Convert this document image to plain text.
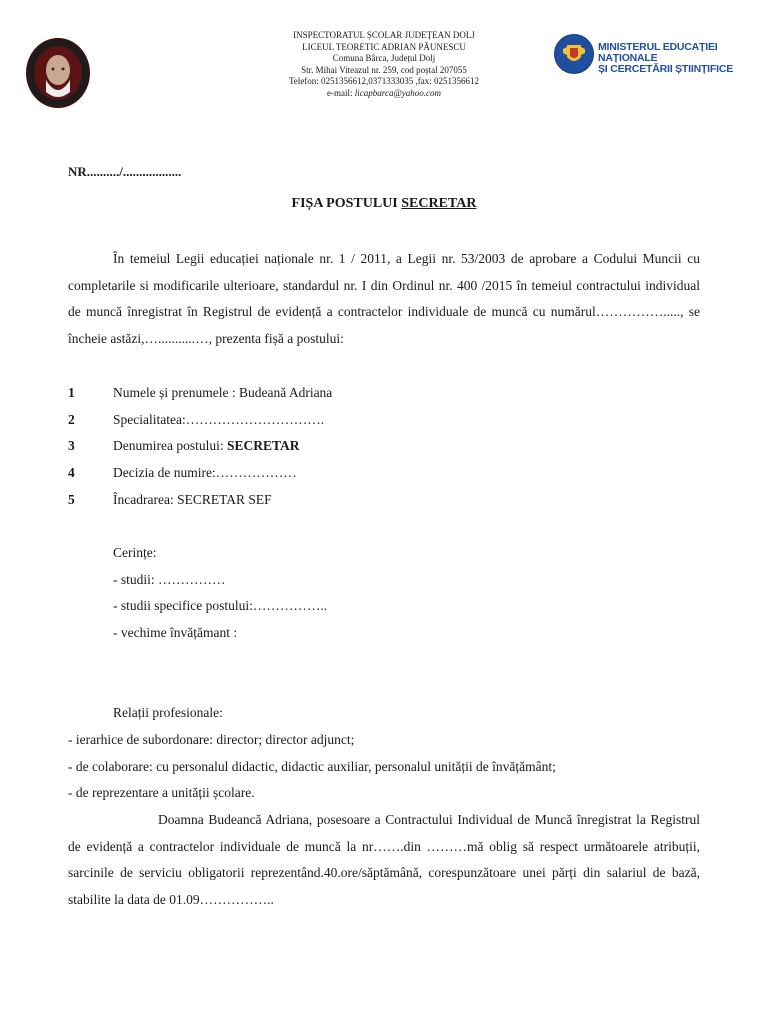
INSPECTORATUL ȘCOLAR JUDEȚEAN DOLJ
LICEUL TEORETIC ADRIAN PĂUNESCU
Comuna Bârca, Județul Dolj
Str. Mihai Viteazul nr. 259, cod poștal 207055
Telefon: 0251356612,0371333035 ,fax: 0251356612
e-mail: licapbarca@yahoo.com
MINISTERUL EDUCAȚIEI NAȚIONALE
ȘI CERCETĂRII ȘTIINȚIFICE
NR........../..................
FIȘA POSTULUI SECRETAR
În temeiul Legii educației naționale nr. 1 / 2011, a Legii nr. 53/2003 de aprobare a Codului Muncii cu completarile si modificarile ulterioare, standardul nr. I din Ordinul nr. 400 /2015 în temeiul contractului individual de muncă înregistrat în Registrul de evidență a contractelor individuale de muncă cu numărul……………....., se încheie astăzi,…...........…, prezenta fișă a postului:
1	Numele și prenumele : Budeană Adriana
2	Specialitatea:………………………….
3	Denumirea postului: SECRETAR
4	Decizia de numire:………………
5	Încadrarea: SECRETAR SEF
Cerințe:
- studii: ……………
- studii specifice postului:……………..
- vechime învățămant :
Relații profesionale:
- ierarhice de subordonare: director; director adjunct;
- de colaborare: cu personalul didactic, didactic auxiliar, personalul unității de învățământ;
- de reprezentare a unității școlare.
Doamna Budeancă Adriana, posesoare a Contractului Individual de Muncă înregistrat la Registrul de evidență a contractelor individuale de muncă la nr…….din ………mă oblig să respect următoarele atribuții, sarcinile de serviciu obligatorii reprezentând.40.ore/săptămână, corespunzătoare unei părți din salariul de bază, stabilite la data de 01.09……………..
